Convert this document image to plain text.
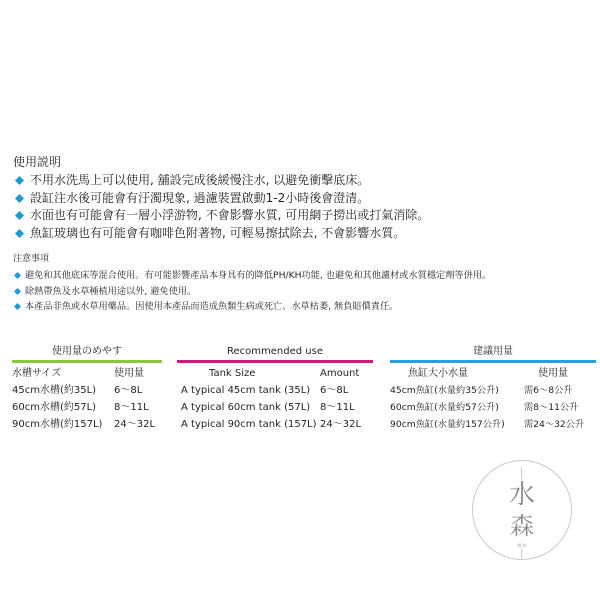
使用説明
不用水洗馬上可以使用, 舖設完成後緩慢注水, 以避免衝擊底床。
設缸注水後可能會有汙濁現象, 過濾裝置啟動1-2小時後會澄清。
水面也有可能會有一層小浮游物, 不會影響水質, 可用網子撈出或打氣消除。
魚缸玻璃也有可能會有咖啡色附著物, 可輕易擦拭除去, 不會影響水質。
注意事項
避免和其他底床等混合使用。有可能影響產品本身具有的降低PH/KH功能, 也避免和其他濾材或水質穩定劑等併用。
除熱帶魚及水草種植用途以外, 避免使用。
本產品非魚或水草用藥品。因使用本產品而造成魚類生病或死亡、水草枯萎, 無負賠償責任。
使用量のめやす
水槽サイズ	使用量
45cm水槽(約35L) 6〜8L
60cm水槽(約57L) 8〜11L
90cm水槽(約157L) 24〜32L
Recommended use
Tank Size	Amount
A typical 45cm tank (35L) 6〜8L
A typical 60cm tank (57L) 8〜11L
A typical 90cm tank (157L) 24〜32L
建議用量
魚缸大小水量	使用量
45cm魚缸(水量約35公升)	需6〜8公升
60cm魚缸(水量約57公升)	需8〜11公升
90cm魚缸(水量約157公升) 需24〜32公升
水
森
鄰 野
